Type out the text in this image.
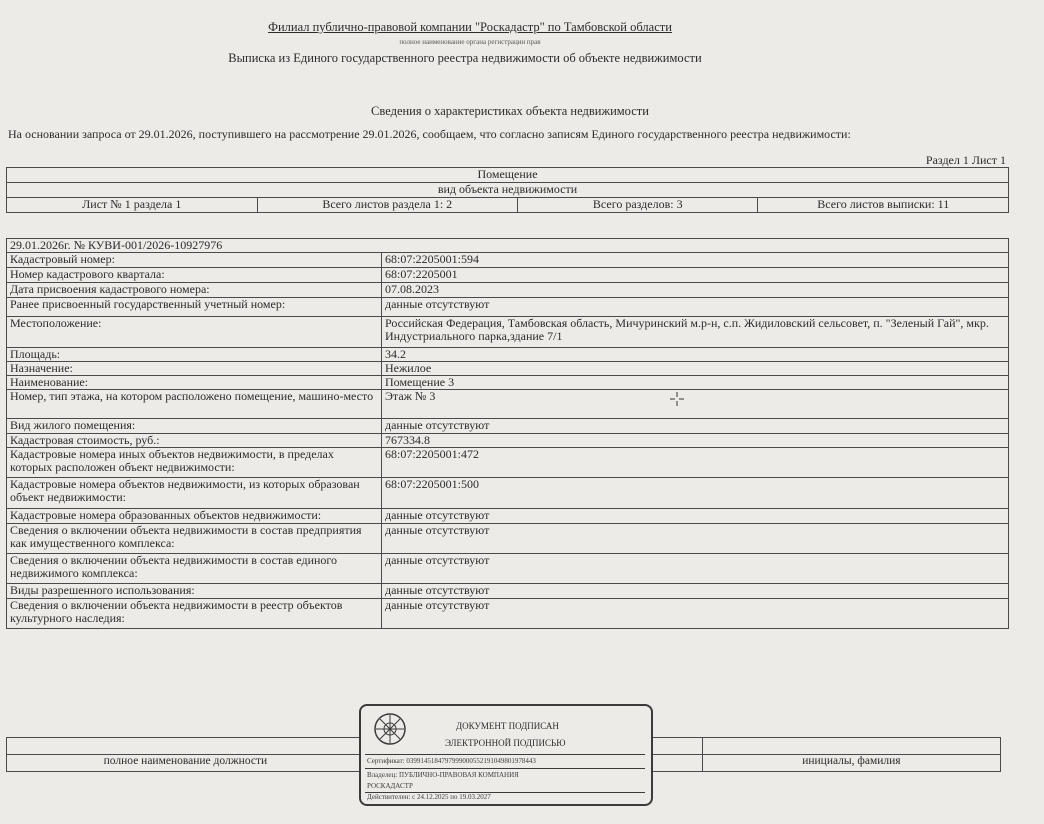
Филиал публично-правовой компании "Роскадастр" по Тамбовской области
полное наименование органа регистрации прав
Выписка из Единого государственного реестра недвижимости об объекте недвижимости
Сведения о характеристиках объекта недвижимости
На основании запроса от 29.01.2026, поступившего на рассмотрение 29.01.2026, сообщаем, что согласно записям Единого государственного реестра недвижимости:
Раздел 1 Лист 1
Помещение
вид объекта недвижимости
Лист № 1 раздела 1	Всего листов раздела 1: 2	Всего разделов: 3	Всего листов выписки: 11
29.01.2026г. № КУВИ-001/2026-10927976	
Кадастровый номер:	68:07:2205001:594
Номер кадастрового квартала:	68:07:2205001
Дата присвоения кадастрового номера:	07.08.2023
Ранее присвоенный государственный учетный номер:	данные отсутствуют
Местоположение:	Российская Федерация, Тамбовская область, Мичуринский м.р-н, с.п. Жидиловский сельсовет, п. "Зеленый Гай", мкр. Индустриального парка,здание 7/1
Площадь:	34.2
Назначение:	Нежилое
Наименование:	Помещение 3
Номер, тип этажа, на котором расположено помещение, машино-место	Этаж № 3
Вид жилого помещения:	данные отсутствуют
Кадастровая стоимость, руб.:	767334.8
Кадастровые номера иных объектов недвижимости, в пределах которых расположен объект недвижимости:	68:07:2205001:472
Кадастровые номера объектов недвижимости, из которых образован объект недвижимости:	68:07:2205001:500
Кадастровые номера образованных объектов недвижимости:	данные отсутствуют
Сведения о включении объекта недвижимости в состав предприятия как имущественного комплекса:	данные отсутствуют
Сведения о включении объекта недвижимости в состав единого недвижимого комплекса:	данные отсутствуют
Виды разрешенного использования:	данные отсутствуют
Сведения о включении объекта недвижимости в реестр объектов культурного наследия:	данные отсутствуют

полное наименование должности		инициалы, фамилия
ДОКУМЕНТ ПОДПИСАН
ЭЛЕКТРОННОЙ ПОДПИСЬЮ
Сертификат: 0399145184797999000552191049801978443
Владелец: ПУБЛИЧНО-ПРАВОВАЯ КОМПАНИЯ
РОСКАДАСТР
Действителен: с 24.12.2025 по 19.03.2027
